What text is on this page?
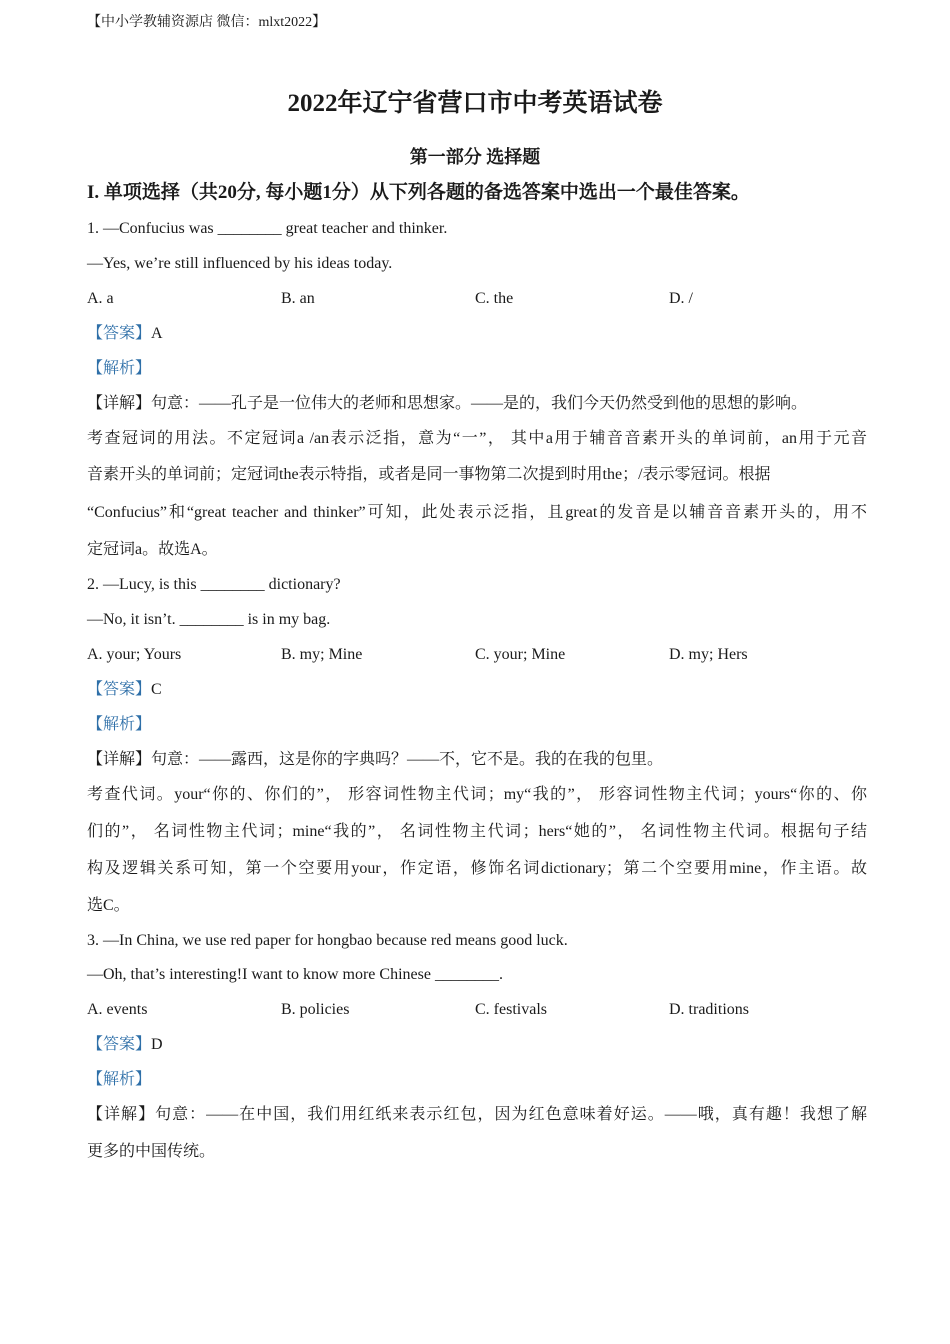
【中小学教辅资源店 微信：mlxt2022】
2022年辽宁省营口市中考英语试卷
第一部分 选择题
I. 单项选择（共20分, 每小题1分）从下列各题的备选答案中选出一个最佳答案。
1. —Confucius was ________ great teacher and thinker.
—Yes, we’re still influenced by his ideas today.
A. a	B. an	C. the	D. /
【答案】A
【解析】
【详解】句意：——孔子是一位伟大的老师和思想家。——是的，我们今天仍然受到他的思想的影响。
考查冠词的用法。不定冠词a /an表示泛指，意为“一”， 其中a用于辅音音素开头的单词前，an用于元音
音素开头的单词前；定冠词the表示特指，或者是同一事物第二次提到时用the；/表示零冠词。根据
“Confucius”和“great teacher and thinker”可知，此处表示泛指，且great的发音是以辅音音素开头的，用不
定冠词a。故选A。
2. —Lucy, is this ________ dictionary?
—No, it isn’t. ________ is in my bag.
A. your; Yours	B. my; Mine	C. your; Mine	D. my; Hers
【答案】C
【解析】
【详解】句意：——露西，这是你的字典吗？——不，它不是。我的在我的包里。
考查代词。your“你的、你们的”， 形容词性物主代词；my“我的”， 形容词性物主代词；yours“你的、你
们的”， 名词性物主代词；mine“我的”， 名词性物主代词；hers“她的”， 名词性物主代词。根据句子结
构及逻辑关系可知，第一个空要用your，作定语，修饰名词dictionary；第二个空要用mine，作主语。故
选C。
3. —In China, we use red paper for hongbao because red means good luck.
—Oh, that’s interesting!I want to know more Chinese ________.
A. events	B. policies	C. festivals	D. traditions
【答案】D
【解析】
【详解】句意：——在中国，我们用红纸来表示红包，因为红色意味着好运。——哦，真有趣！我想了解
更多的中国传统。
